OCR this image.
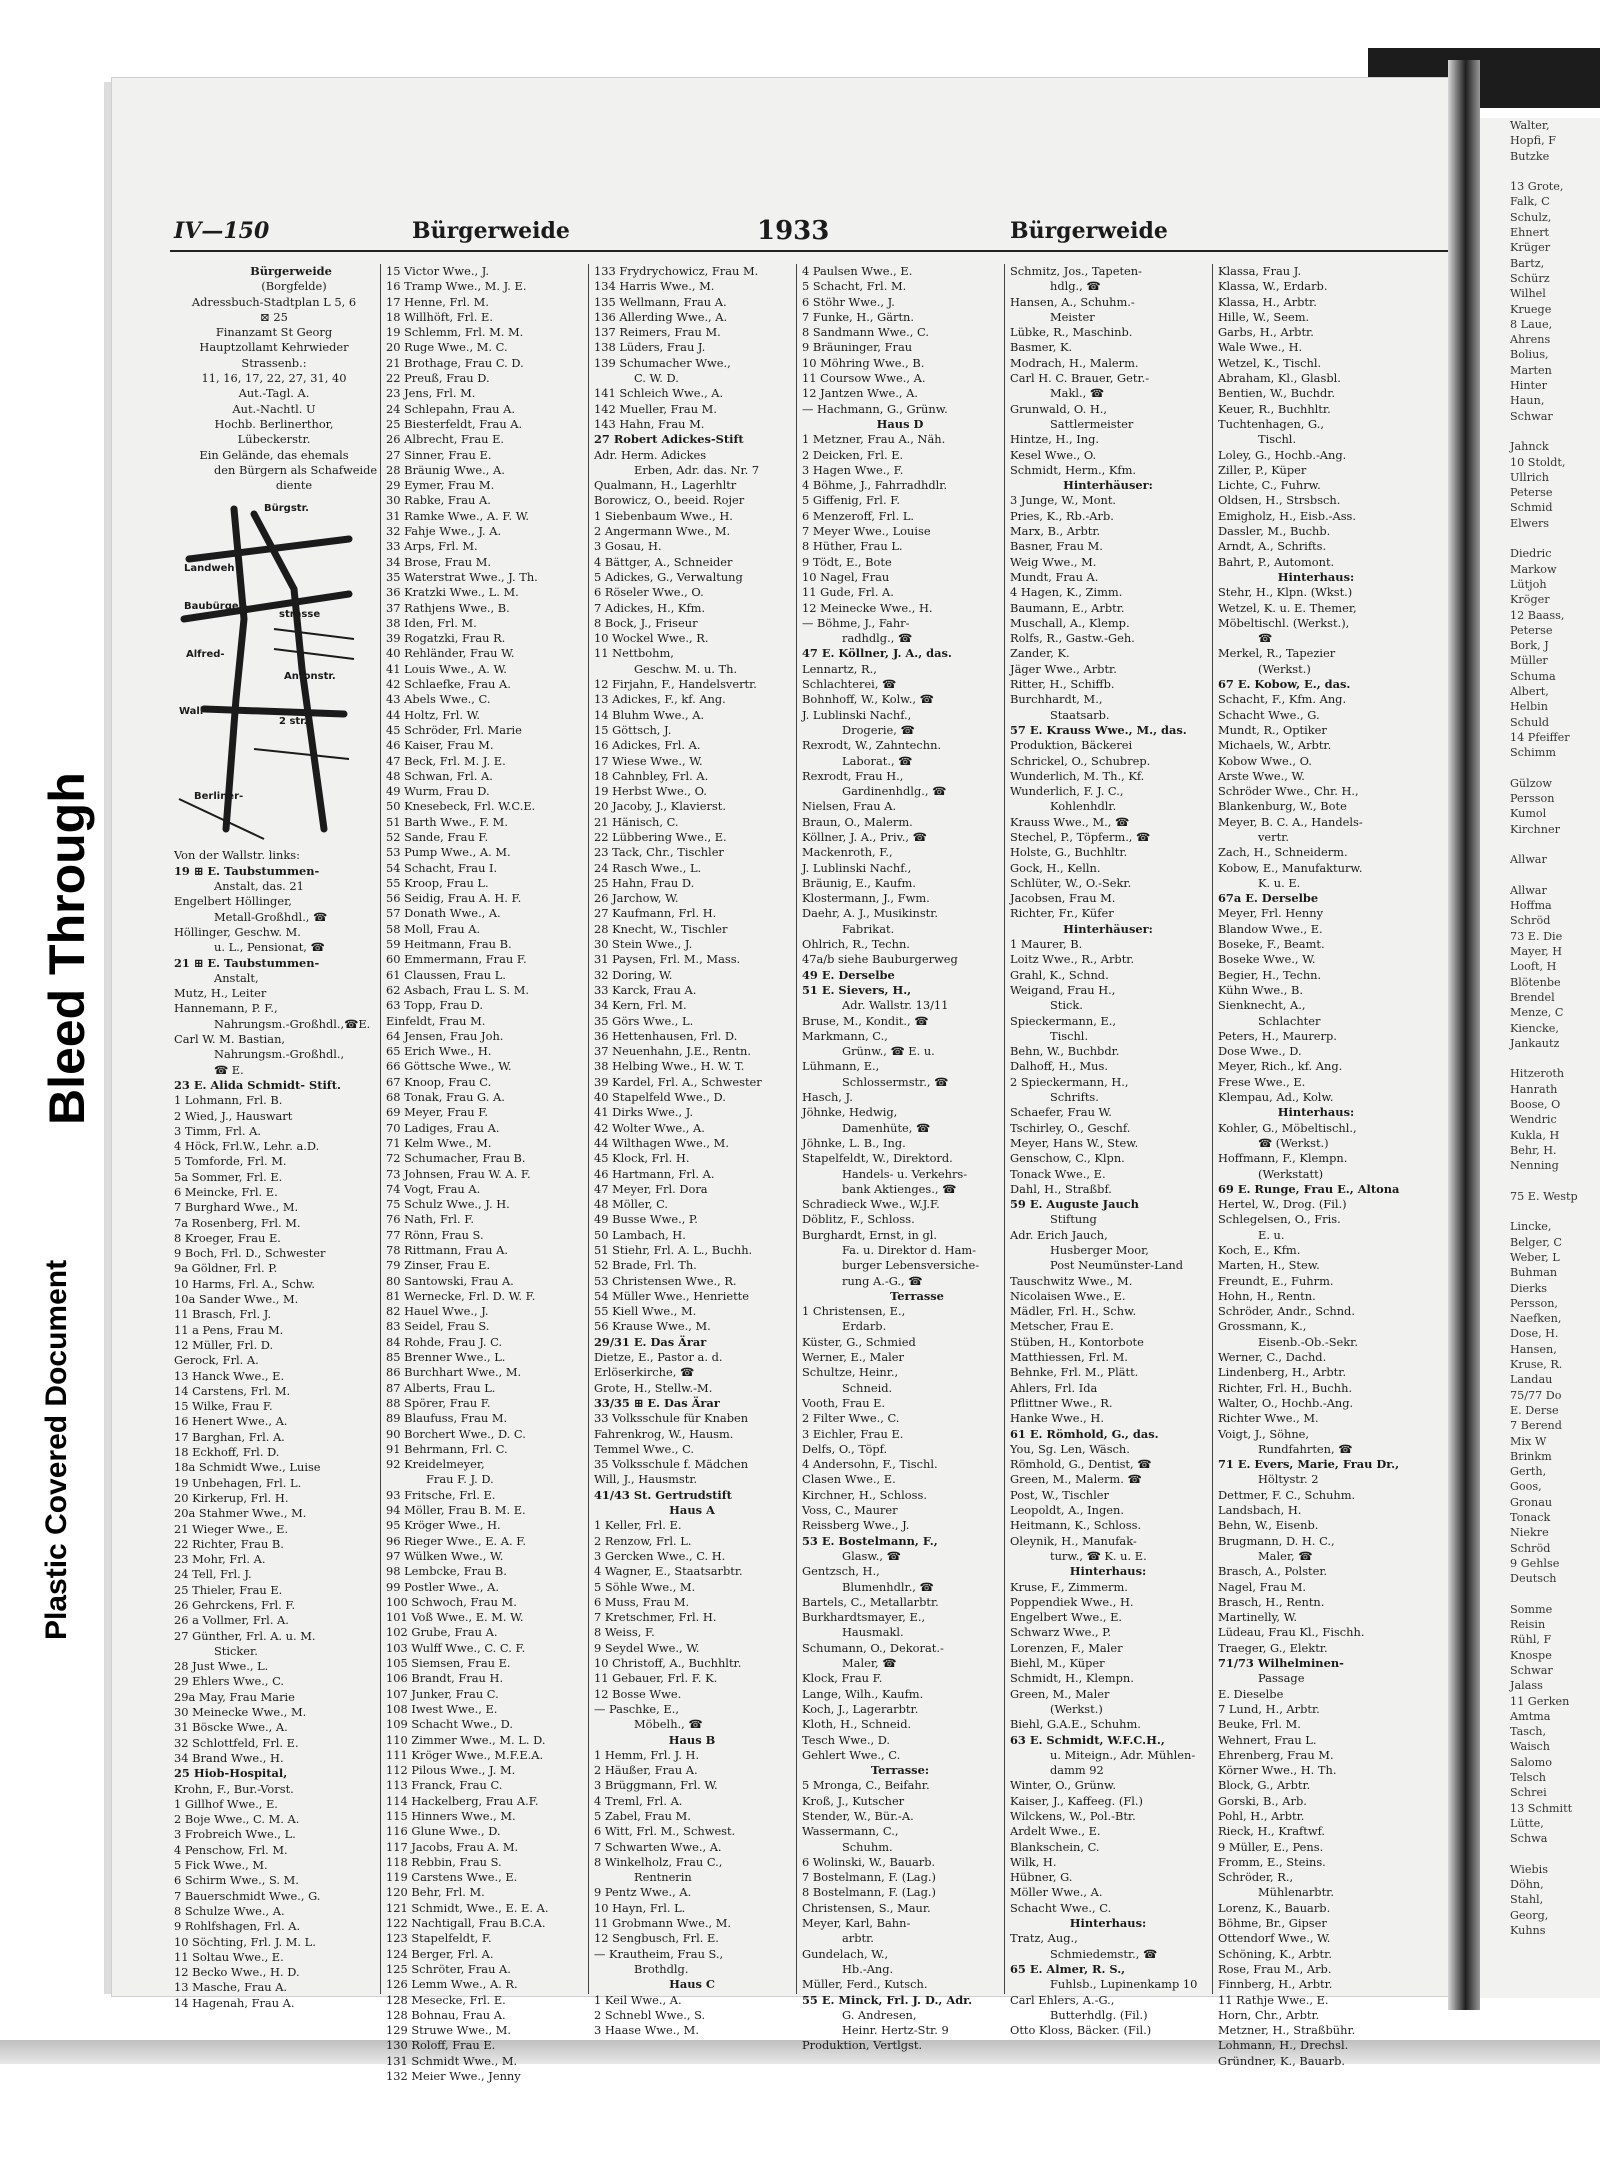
Bleed Through
Plastic Covered Document
IV—150	Bürgerweide	1933	Bürgerweide
Bürgerweide
(Borgfelde)
Adressbuch-Stadtplan L 5, 6
⊠ 25
Finanzamt St Georg
Hauptzollamt Kehrwieder
Strassenb.:
11, 16, 17, 22, 27, 31, 40
Aut.-Tagl. A.
Aut.-Nachtl. U
Hochb. Berlinerthor,
Lübeckerstr.
Ein Gelände, das ehemals
den Bürgern als Schafweide
diente
Bürgstr.
Landweh
Baubürger-
Alfred-
Wall-
strasse
Antonstr.
2 str.
Berliner-
Von der Wallstr. links:
19 ⊞ E. Taubstummen-
Anstalt, das. 21
Engelbert Höllinger,
Metall-Großhdl., ☎
Höllinger, Geschw. M.
u. L., Pensionat, ☎
21 ⊞ E. Taubstummen-
Anstalt,
Mutz, H., Leiter
Hannemann, P. F.,
Nahrungsm.-Großhdl.,☎E.
Carl W. M. Bastian,
Nahrungsm.-Großhdl.,
☎ E.
23 E. Alida Schmidt- Stift.
1 Lohmann, Frl. B.
2 Wied, J., Hauswart
3 Timm, Frl. A.
4 Höck, Frl.W., Lehr. a.D.
5 Tomforde, Frl. M.
5a Sommer, Frl. E.
6 Meincke, Frl. E.
7 Burghard Wwe., M.
7a Rosenberg, Frl. M.
8 Kroeger, Frau E.
9 Boch, Frl. D., Schwester
9a Göldner, Frl. P.
10 Harms, Frl. A., Schw.
10a Sander Wwe., M.
11 Brasch, Frl. J.
11 a Pens, Frau M.
12 Müller, Frl. D.
Gerock, Frl. A.
13 Hanck Wwe., E.
14 Carstens, Frl. M.
15 Wilke, Frau F.
16 Henert Wwe., A.
17 Barghan, Frl. A.
18 Eckhoff, Frl. D.
18a Schmidt Wwe., Luise
19 Unbehagen, Frl. L.
20 Kirkerup, Frl. H.
20a Stahmer Wwe., M.
21 Wieger Wwe., E.
22 Richter, Frau B.
23 Mohr, Frl. A.
24 Tell, Frl. J.
25 Thieler, Frau E.
26 Gehrckens, Frl. F.
26 a Vollmer, Frl. A.
27 Günther, Frl. A. u. M.
Sticker.
28 Just Wwe., L.
29 Ehlers Wwe., C.
29a May, Frau Marie
30 Meinecke Wwe., M.
31 Böscke Wwe., A.
32 Schlottfeld, Frl. E.
34 Brand Wwe., H.
25 Hiob-Hospital,
Krohn, F., Bur.-Vorst.
1 Gillhof Wwe., E.
2 Boje Wwe., C. M. A.
3 Frobreich Wwe., L.
4 Penschow, Frl. M.
5 Fick Wwe., M.
6 Schirm Wwe., S. M.
7 Bauerschmidt Wwe., G.
8 Schulze Wwe., A.
9 Rohlfshagen, Frl. A.
10 Söchting, Frl. J. M. L.
11 Soltau Wwe., E.
12 Becko Wwe., H. D.
13 Masche, Frau A.
14 Hagenah, Frau A.
15 Victor Wwe., J.
16 Tramp Wwe., M. J. E.
17 Henne, Frl. M.
18 Willhöft, Frl. E.
19 Schlemm, Frl. M. M.
20 Ruge Wwe., M. C.
21 Brothage, Frau C. D.
22 Preuß, Frau D.
23 Jens, Frl. M.
24 Schlepahn, Frau A.
25 Biesterfeldt, Frau A.
26 Albrecht, Frau E.
27 Sinner, Frau E.
28 Bräunig Wwe., A.
29 Eymer, Frau M.
30 Rabke, Frau A.
31 Ramke Wwe., A. F. W.
32 Fahje Wwe., J. A.
33 Arps, Frl. M.
34 Brose, Frau M.
35 Waterstrat Wwe., J. Th.
36 Kratzki Wwe., L. M.
37 Rathjens Wwe., B.
38 Iden, Frl. M.
39 Rogatzki, Frau R.
40 Rehländer, Frau W.
41 Louis Wwe., A. W.
42 Schlaefke, Frau A.
43 Abels Wwe., C.
44 Holtz, Frl. W.
45 Schröder, Frl. Marie
46 Kaiser, Frau M.
47 Beck, Frl. M. J. E.
48 Schwan, Frl. A.
49 Wurm, Frau D.
50 Knesebeck, Frl. W.C.E.
51 Barth Wwe., F. M.
52 Sande, Frau F.
53 Pump Wwe., A. M.
54 Schacht, Frau I.
55 Kroop, Frau L.
56 Seidig, Frau A. H. F.
57 Donath Wwe., A.
58 Moll, Frau A.
59 Heitmann, Frau B.
60 Emmermann, Frau F.
61 Claussen, Frau L.
62 Asbach, Frau L. S. M.
63 Topp, Frau D.
Einfeldt, Frau M.
64 Jensen, Frau Joh.
65 Erich Wwe., H.
66 Göttsche Wwe., W.
67 Knoop, Frau C.
68 Tonak, Frau G. A.
69 Meyer, Frau F.
70 Ladiges, Frau A.
71 Kelm Wwe., M.
72 Schumacher, Frau B.
73 Johnsen, Frau W. A. F.
74 Vogt, Frau A.
75 Schulz Wwe., J. H.
76 Nath, Frl. F.
77 Rönn, Frau S.
78 Rittmann, Frau A.
79 Zinser, Frau E.
80 Santowski, Frau A.
81 Wernecke, Frl. D. W. F.
82 Hauel Wwe., J.
83 Seidel, Frau S.
84 Rohde, Frau J. C.
85 Brenner Wwe., L.
86 Burchhart Wwe., M.
87 Alberts, Frau L.
88 Spörer, Frau F.
89 Blaufuss, Frau M.
90 Borchert Wwe., D. C.
91 Behrmann, Frl. C.
92 Kreidelmeyer,
Frau F. J. D.
93 Fritsche, Frl. E.
94 Möller, Frau B. M. E.
95 Kröger Wwe., H.
96 Rieger Wwe., E. A. F.
97 Wülken Wwe., W.
98 Lembcke, Frau B.
99 Postler Wwe., A.
100 Schwoch, Frau M.
101 Voß Wwe., E. M. W.
102 Grube, Frau A.
103 Wulff Wwe., C. C. F.
105 Siemsen, Frau E.
106 Brandt, Frau H.
107 Junker, Frau C.
108 Iwest Wwe., E.
109 Schacht Wwe., D.
110 Zimmer Wwe., M. L. D.
111 Kröger Wwe., M.F.E.A.
112 Pilous Wwe., J. M.
113 Franck, Frau C.
114 Hackelberg, Frau A.F.
115 Hinners Wwe., M.
116 Glune Wwe., D.
117 Jacobs, Frau A. M.
118 Rebbin, Frau S.
119 Carstens Wwe., E.
120 Behr, Frl. M.
121 Schmidt, Wwe., E. E. A.
122 Nachtigall, Frau B.C.A.
123 Stapelfeldt, F.
124 Berger, Frl. A.
125 Schröter, Frau A.
126 Lemm Wwe., A. R.
128 Mesecke, Frl. E.
128 Bohnau, Frau A.
129 Struwe Wwe., M.
130 Roloff, Frau E.
131 Schmidt Wwe., M.
132 Meier Wwe., Jenny
133 Frydrychowicz, Frau M.
134 Harris Wwe., M.
135 Wellmann, Frau A.
136 Allerding Wwe., A.
137 Reimers, Frau M.
138 Lüders, Frau J.
139 Schumacher Wwe.,
C. W. D.
141 Schleich Wwe., A.
142 Mueller, Frau M.
143 Hahn, Frau M.
27 Robert Adickes-Stift
Adr. Herm. Adickes
Erben, Adr. das. Nr. 7
Qualmann, H., Lagerhltr
Borowicz, O., beeid. Rojer
1 Siebenbaum Wwe., H.
2 Angermann Wwe., M.
3 Gosau, H.
4 Bättger, A., Schneider
5 Adickes, G., Verwaltung
6 Röseler Wwe., O.
7 Adickes, H., Kfm.
8 Bock, J., Friseur
10 Wockel Wwe., R.
11 Nettbohm,
Geschw. M. u. Th.
12 Firjahn, F., Handelsvertr.
13 Adickes, F., kf. Ang.
14 Bluhm Wwe., A.
15 Göttsch, J.
16 Adickes, Frl. A.
17 Wiese Wwe., W.
18 Cahnbley, Frl. A.
19 Herbst Wwe., O.
20 Jacoby, J., Klavierst.
21 Hänisch, C.
22 Lübbering Wwe., E.
23 Tack, Chr., Tischler
24 Rasch Wwe., L.
25 Hahn, Frau D.
26 Jarchow, W.
27 Kaufmann, Frl. H.
28 Knecht, W., Tischler
30 Stein Wwe., J.
31 Paysen, Frl. M., Mass.
32 Doring, W.
33 Karck, Frau A.
34 Kern, Frl. M.
35 Görs Wwe., L.
36 Hettenhausen, Frl. D.
37 Neuenhahn, J.E., Rentn.
38 Helbing Wwe., H. W. T.
39 Kardel, Frl. A., Schwester
40 Stapelfeld Wwe., D.
41 Dirks Wwe., J.
42 Wolter Wwe., A.
44 Wilthagen Wwe., M.
45 Klock, Frl. H.
46 Hartmann, Frl. A.
47 Meyer, Frl. Dora
48 Möller, C.
49 Busse Wwe., P.
50 Lambach, H.
51 Stiehr, Frl. A. L., Buchh.
52 Brade, Frl. Th.
53 Christensen Wwe., R.
54 Müller Wwe., Henriette
55 Kiell Wwe., M.
56 Krause Wwe., M.
29/31 E. Das Ärar
Dietze, E., Pastor a. d.
Erlöserkirche, ☎
Grote, H., Stellw.-M.
33/35 ⊞ E. Das Ärar
33 Volksschule für Knaben
Fahrenkrog, W., Hausm.
Temmel Wwe., C.
35 Volksschule f. Mädchen
Will, J., Hausmstr.
41/43 St. Gertrudstift
Haus A
1 Keller, Frl. E.
2 Renzow, Frl. L.
3 Gercken Wwe., C. H.
4 Wagner, E., Staatsarbtr.
5 Söhle Wwe., M.
6 Muss, Frau M.
7 Kretschmer, Frl. H.
8 Weiss, F.
9 Seydel Wwe., W.
10 Christoff, A., Buchhltr.
11 Gebauer, Frl. F. K.
12 Bosse Wwe.
— Paschke, E.,
Möbelh., ☎
Haus B
1 Hemm, Frl. J. H.
2 Häußer, Frau A.
3 Brüggmann, Frl. W.
4 Treml, Frl. A.
5 Zabel, Frau M.
6 Witt, Frl. M., Schwest.
7 Schwarten Wwe., A.
8 Winkelholz, Frau C.,
Rentnerin
9 Pentz Wwe., A.
10 Hayn, Frl. L.
11 Grobmann Wwe., M.
12 Sengbusch, Frl. E.
— Krautheim, Frau S.,
Brothdlg.
Haus C
1 Keil Wwe., A.
2 Schnebl Wwe., S.
3 Haase Wwe., M.
4 Paulsen Wwe., E.
5 Schacht, Frl. M.
6 Stöhr Wwe., J.
7 Funke, H., Gärtn.
8 Sandmann Wwe., C.
9 Bräuninger, Frau
10 Möhring Wwe., B.
11 Coursow Wwe., A.
12 Jantzen Wwe., A.
— Hachmann, G., Grünw.
Haus D
1 Metzner, Frau A., Näh.
2 Deicken, Frl. E.
3 Hagen Wwe., F.
4 Böhme, J., Fahrradhdlr.
5 Giffenig, Frl. F.
6 Menzeroff, Frl. L.
7 Meyer Wwe., Louise
8 Hüther, Frau L.
9 Tödt, E., Bote
10 Nagel, Frau
11 Gude, Frl. A.
12 Meinecke Wwe., H.
— Böhme, J., Fahr-
radhdlg., ☎
47 E. Köllner, J. A., das.
Lennartz, R.,
Schlachterei, ☎
Bohnhoff, W., Kolw., ☎
J. Lublinski Nachf.,
Drogerie, ☎
Rexrodt, W., Zahntechn.
Laborat., ☎
Rexrodt, Frau H.,
Gardinenhdlg., ☎
Nielsen, Frau A.
Braun, O., Malerm.
Köllner, J. A., Priv., ☎
Mackenroth, F.,
J. Lublinski Nachf.,
Bräunig, E., Kaufm.
Klostermann, J., Fwm.
Daehr, A. J., Musikinstr.
Fabrikat.
Ohlrich, R., Techn.
47a/b siehe Bauburgerweg
49 E. Derselbe
51 E. Sievers, H.,
Adr. Wallstr. 13/11
Bruse, M., Kondit., ☎
Markmann, C.,
Grünw., ☎ E. u.
Lühmann, E.,
Schlossermstr., ☎
Hasch, J.
Jöhnke, Hedwig,
Damenhüte, ☎
Jöhnke, L. B., Ing.
Stapelfeldt, W., Direktord.
Handels- u. Verkehrs-
bank Aktienges., ☎
Schradieck Wwe., W.J.F.
Döblitz, F., Schloss.
Burghardt, Ernst, in gl.
Fa. u. Direktor d. Ham-
burger Lebensversiche-
rung A.-G., ☎
Terrasse
1 Christensen, E.,
Erdarb.
Küster, G., Schmied
Werner, E., Maler
Schultze, Heinr.,
Schneid.
Vooth, Frau E.
2 Filter Wwe., C.
3 Eichler, Frau E.
Delfs, O., Töpf.
4 Andersohn, F., Tischl.
Clasen Wwe., E.
Kirchner, H., Schloss.
Voss, C., Maurer
Reissberg Wwe., J.
53 E. Bostelmann, F.,
Glasw., ☎
Gentzsch, H.,
Blumenhdlr., ☎
Bartels, C., Metallarbtr.
Burkhardtsmayer, E.,
Hausmakl.
Schumann, O., Dekorat.-
Maler, ☎
Klock, Frau F.
Lange, Wilh., Kaufm.
Koch, J., Lagerarbtr.
Kloth, H., Schneid.
Tesch Wwe., D.
Gehlert Wwe., C.
Terrasse:
5 Mronga, C., Beifahr.
Kroß, J., Kutscher
Stender, W., Bür.-A.
Wassermann, C.,
Schuhm.
6 Wolinski, W., Bauarb.
7 Bostelmann, F. (Lag.)
8 Bostelmann, F. (Lag.)
Christensen, S., Maur.
Meyer, Karl, Bahn-
arbtr.
Gundelach, W.,
Hb.-Ang.
Müller, Ferd., Kutsch.
55 E. Minck, Frl. J. D., Adr.
G. Andresen,
Heinr. Hertz-Str. 9
Produktion, Vertlgst.
Schmitz, Jos., Tapeten-
hdlg., ☎
Hansen, A., Schuhm.-
Meister
Lübke, R., Maschinb.
Basmer, K.
Modrach, H., Malerm.
Carl H. C. Brauer, Getr.-
Makl., ☎
Grunwald, O. H.,
Sattlermeister
Hintze, H., Ing.
Kesel Wwe., O.
Schmidt, Herm., Kfm.
Hinterhäuser:
3 Junge, W., Mont.
Pries, K., Rb.-Arb.
Marx, B., Arbtr.
Basner, Frau M.
Weig Wwe., M.
Mundt, Frau A.
4 Hagen, K., Zimm.
Baumann, E., Arbtr.
Muschall, A., Klemp.
Rolfs, R., Gastw.-Geh.
Zander, K.
Jäger Wwe., Arbtr.
Ritter, H., Schiffb.
Burchhardt, M.,
Staatsarb.
57 E. Krauss Wwe., M., das.
Produktion, Bäckerei
Schrickel, O., Schubrep.
Wunderlich, M. Th., Kf.
Wunderlich, F. J. C.,
Kohlenhdlr.
Krauss Wwe., M., ☎
Stechel, P., Töpferm., ☎
Holste, G., Buchhltr.
Gock, H., Kelln.
Schlüter, W., O.-Sekr.
Jacobsen, Frau M.
Richter, Fr., Küfer
Hinterhäuser:
1 Maurer, B.
Loitz Wwe., R., Arbtr.
Grahl, K., Schnd.
Weigand, Frau H.,
Stick.
Spieckermann, E.,
Tischl.
Behn, W., Buchbdr.
Dalhoff, H., Mus.
2 Spieckermann, H.,
Schrifts.
Schaefer, Frau W.
Tschirley, O., Geschf.
Meyer, Hans W., Stew.
Genschow, C., Klpn.
Tonack Wwe., E.
Dahl, H., Straßbf.
59 E. Auguste Jauch
Stiftung
Adr. Erich Jauch,
Husberger Moor,
Post Neumünster-Land
Tauschwitz Wwe., M.
Nicolaisen Wwe., E.
Mädler, Frl. H., Schw.
Metscher, Frau E.
Stüben, H., Kontorbote
Matthiessen, Frl. M.
Behnke, Frl. M., Plätt.
Ahlers, Frl. Ida
Pflittner Wwe., R.
Hanke Wwe., H.
61 E. Römhold, G., das.
You, Sg. Len, Wäsch.
Römhold, G., Dentist, ☎
Green, M., Malerm. ☎
Post, W., Tischler
Leopoldt, A., Ingen.
Heitmann, K., Schloss.
Oleynik, H., Manufak-
turw., ☎ K. u. E.
Hinterhaus:
Kruse, F., Zimmerm.
Poppendiek Wwe., H.
Engelbert Wwe., E.
Schwarz Wwe., P.
Lorenzen, F., Maler
Biehl, M., Küper
Schmidt, H., Klempn.
Green, M., Maler
(Werkst.)
Biehl, G.A.E., Schuhm.
63 E. Schmidt, W.F.C.H.,
u. Miteign., Adr. Mühlen-
damm 92
Winter, O., Grünw.
Kaiser, J., Kaffeeg. (Fl.)
Wilckens, W., Pol.-Btr.
Ardelt Wwe., E.
Blankschein, C.
Wilk, H.
Hübner, G.
Möller Wwe., A.
Schacht Wwe., C.
Hinterhaus:
Tratz, Aug.,
Schmiedemstr., ☎
65 E. Almer, R. S.,
Fuhlsb., Lupinenkamp 10
Carl Ehlers, A.-G.,
Butterhdlg. (Fil.)
Otto Kloss, Bäcker. (Fil.)
Klassa, Frau J.
Klassa, W., Erdarb.
Klassa, H., Arbtr.
Hille, W., Seem.
Garbs, H., Arbtr.
Wale Wwe., H.
Wetzel, K., Tischl.
Abraham, Kl., Glasbl.
Bentien, W., Buchdr.
Keuer, R., Buchhltr.
Tuchtenhagen, G.,
Tischl.
Loley, G., Hochb.-Ang.
Ziller, P., Küper
Lichte, C., Fuhrw.
Oldsen, H., Strsbsch.
Emigholz, H., Eisb.-Ass.
Dassler, M., Buchb.
Arndt, A., Schrifts.
Bahrt, P., Automont.
Hinterhaus:
Stehr, H., Klpn. (Wkst.)
Wetzel, K. u. E. Themer,
Möbeltischl. (Werkst.),
☎
Merkel, R., Tapezier
(Werkst.)
67 E. Kobow, E., das.
Schacht, F., Kfm. Ang.
Schacht Wwe., G.
Mundt, R., Optiker
Michaels, W., Arbtr.
Kobow Wwe., O.
Arste Wwe., W.
Schröder Wwe., Chr. H.,
Blankenburg, W., Bote
Meyer, B. C. A., Handels-
vertr.
Zach, H., Schneiderm.
Kobow, E., Manufakturw.
K. u. E.
67a E. Derselbe
Meyer, Frl. Henny
Blandow Wwe., E.
Boseke, F., Beamt.
Boseke Wwe., W.
Begier, H., Techn.
Kühn Wwe., B.
Sienknecht, A.,
Schlachter
Peters, H., Maurerp.
Dose Wwe., D.
Meyer, Rich., kf. Ang.
Frese Wwe., E.
Klempau, Ad., Kolw.
Hinterhaus:
Kohler, G., Möbeltischl.,
☎ (Werkst.)
Hoffmann, F., Klempn.
(Werkstatt)
69 E. Runge, Frau E., Altona
Hertel, W., Drog. (Fil.)
Schlegelsen, O., Fris.
E. u.
Koch, E., Kfm.
Marten, H., Stew.
Freundt, E., Fuhrm.
Hohn, H., Rentn.
Schröder, Andr., Schnd.
Grossmann, K.,
Eisenb.-Ob.-Sekr.
Werner, C., Dachd.
Lindenberg, H., Arbtr.
Richter, Frl. H., Buchh.
Walter, O., Hochb.-Ang.
Richter Wwe., M.
Voigt, J., Söhne,
Rundfahrten, ☎
71 E. Evers, Marie, Frau Dr.,
Höltystr. 2
Dettmer, F. C., Schuhm.
Landsbach, H.
Behn, W., Eisenb.
Brugmann, D. H. C.,
Maler, ☎
Brasch, A., Polster.
Nagel, Frau M.
Brasch, H., Rentn.
Martinelly, W.
Lüdeau, Frau Kl., Fischh.
Traeger, G., Elektr.
71/73 Wilhelminen-
Passage
E. Dieselbe
7 Lund, H., Arbtr.
Beuke, Frl. M.
Wehnert, Frau L.
Ehrenberg, Frau M.
Körner Wwe., H. Th.
Block, G., Arbtr.
Gorski, B., Arb.
Pohl, H., Arbtr.
Rieck, H., Kraftwf.
9 Müller, E., Pens.
Fromm, E., Steins.
Schröder, R.,
Mühlenarbtr.
Lorenz, K., Bauarb.
Böhme, Br., Gipser
Ottendorf Wwe., W.
Schöning, K., Arbtr.
Rose, Frau M., Arb.
Finnberg, H., Arbtr.
11 Rathje Wwe., E.
Horn, Chr., Arbtr.
Metzner, H., Straßbühr.
Lohmann, H., Drechsl.
Gründner, K., Bauarb.
Walter,
Hopfi, F
Butzke

13 Grote,
Falk, C
Schulz,
Ehnert
Krüger
Bartz,
Schürz
Wilhel
Kruege
8 Laue,
Ahrens
Bolius,
Marten
Hinter
Haun,
Schwar

Jahnck
10 Stoldt,
Ullrich
Peterse
Schmid
Elwers

Diedric
Markow
Lütjoh
Kröger
12 Baass,
Peterse
Bork, J
Müller
Schuma
Albert,
Helbin
Schuld
14 Pfeiffer
Schimm

Gülzow
Persson
Kumol
Kirchner

Allwar

Allwar
Hoffma
Schröd
73 E. Die
Mayer, H
Looft, H
Blötenbe
Brendel
Menze, C
Kiencke,
Jankautz

Hitzeroth
Hanrath
Boose, O
Wendric
Kukla, H
Behr, H.
Nenning

75 E. Westp

Lincke,
Belger, C
Weber, L
Buhman
Dierks
Persson,
Naefken,
Dose, H.
Hansen,
Kruse, R.
Landau
75/77 Do
E. Derse
7 Berend
Mix W
Brinkm
Gerth,
Goos,
Gronau
Tonack
Niekre
Schröd
9 Gehlse
Deutsch

Somme
Reisin
Rühl, F
Knospe
Schwar
Jalass
11 Gerken
Amtma
Tasch,
Waisch
Salomo
Telsch
Schrei
13 Schmitt
Lütte,
Schwa

Wiebis
Döhn,
Stahl,
Georg,
Kuhns
